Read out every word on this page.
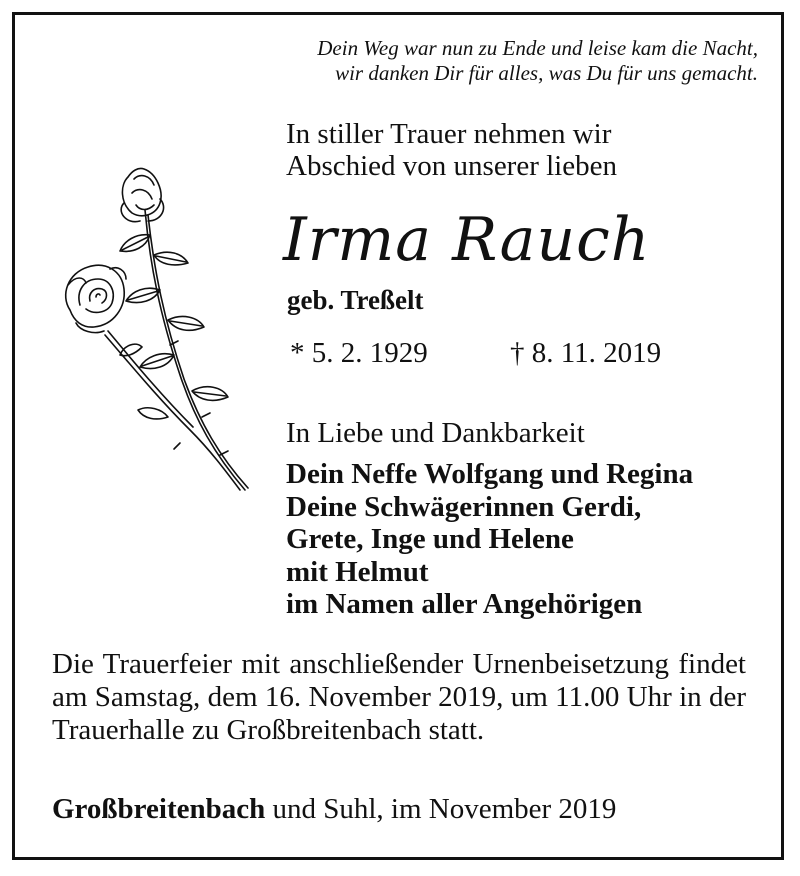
Dein Weg war nun zu Ende und leise kam die Nacht,
wir danken Dir für alles, was Du für uns gemacht.
In stiller Trauer nehmen wir
Abschied von unserer lieben
Irma Rauch
geb. Treßelt
* 5. 2. 1929	† 8. 11. 2019
In Liebe und Dankbarkeit
Dein Neffe Wolfgang und Regina
Deine Schwägerinnen Gerdi,
Grete, Inge und Helene
mit Helmut
im Namen aller Angehörigen
Die Trauerfeier mit anschließender Urnenbeisetzung findet am Samstag, dem 16. November 2019, um 11.00 Uhr in der Trauerhalle zu Großbreitenbach statt.
Großbreitenbach und Suhl, im November 2019
